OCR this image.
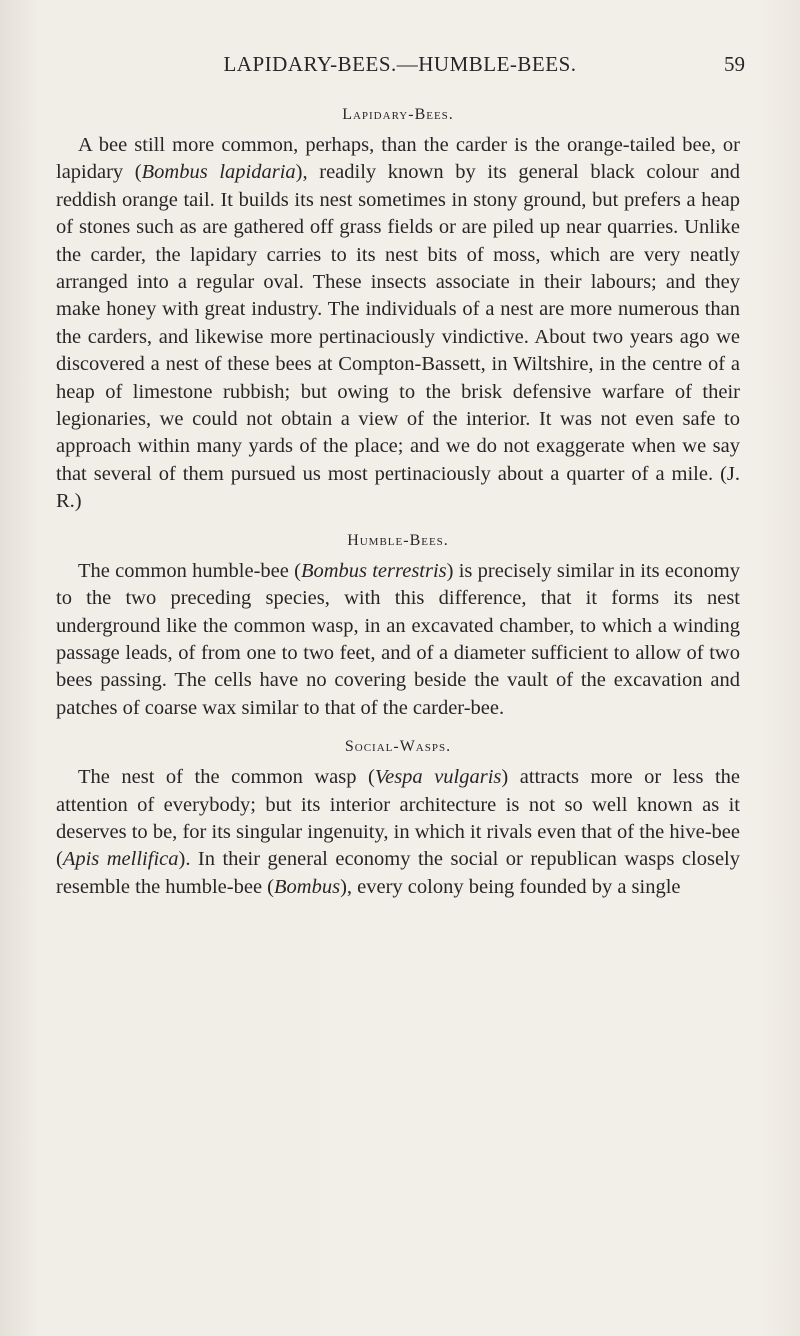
LAPIDARY-BEES.—HUMBLE-BEES.	59
Lapidary-Bees.

A bee still more common, perhaps, than the carder is the orange-tailed bee, or lapidary (Bombus lapidaria), readily known by its general black colour and reddish orange tail. It builds its nest sometimes in stony ground, but prefers a heap of stones such as are gathered off grass fields or are piled up near quarries. Unlike the carder, the lapidary carries to its nest bits of moss, which are very neatly arranged into a regular oval. These insects associate in their labours; and they make honey with great industry. The individuals of a nest are more numerous than the carders, and likewise more pertinaciously vindictive. About two years ago we discovered a nest of these bees at Compton-Bassett, in Wiltshire, in the centre of a heap of limestone rubbish; but owing to the brisk defensive warfare of their legionaries, we could not obtain a view of the interior. It was not even safe to approach within many yards of the place; and we do not exaggerate when we say that several of them pursued us most pertinaciously about a quarter of a mile. (J. R.)

Humble-Bees.

The common humble-bee (Bombus terrestris) is precisely similar in its economy to the two preceding species, with this difference, that it forms its nest underground like the common wasp, in an excavated chamber, to which a winding passage leads, of from one to two feet, and of a diameter sufficient to allow of two bees passing. The cells have no covering beside the vault of the excavation and patches of coarse wax similar to that of the carder-bee.

Social-Wasps.

The nest of the common wasp (Vespa vulgaris) attracts more or less the attention of everybody; but its interior architecture is not so well known as it deserves to be, for its singular ingenuity, in which it rivals even that of the hive-bee (Apis mellifica). In their general economy the social or republican wasps closely resemble the humble-bee (Bombus), every colony being founded by a single
